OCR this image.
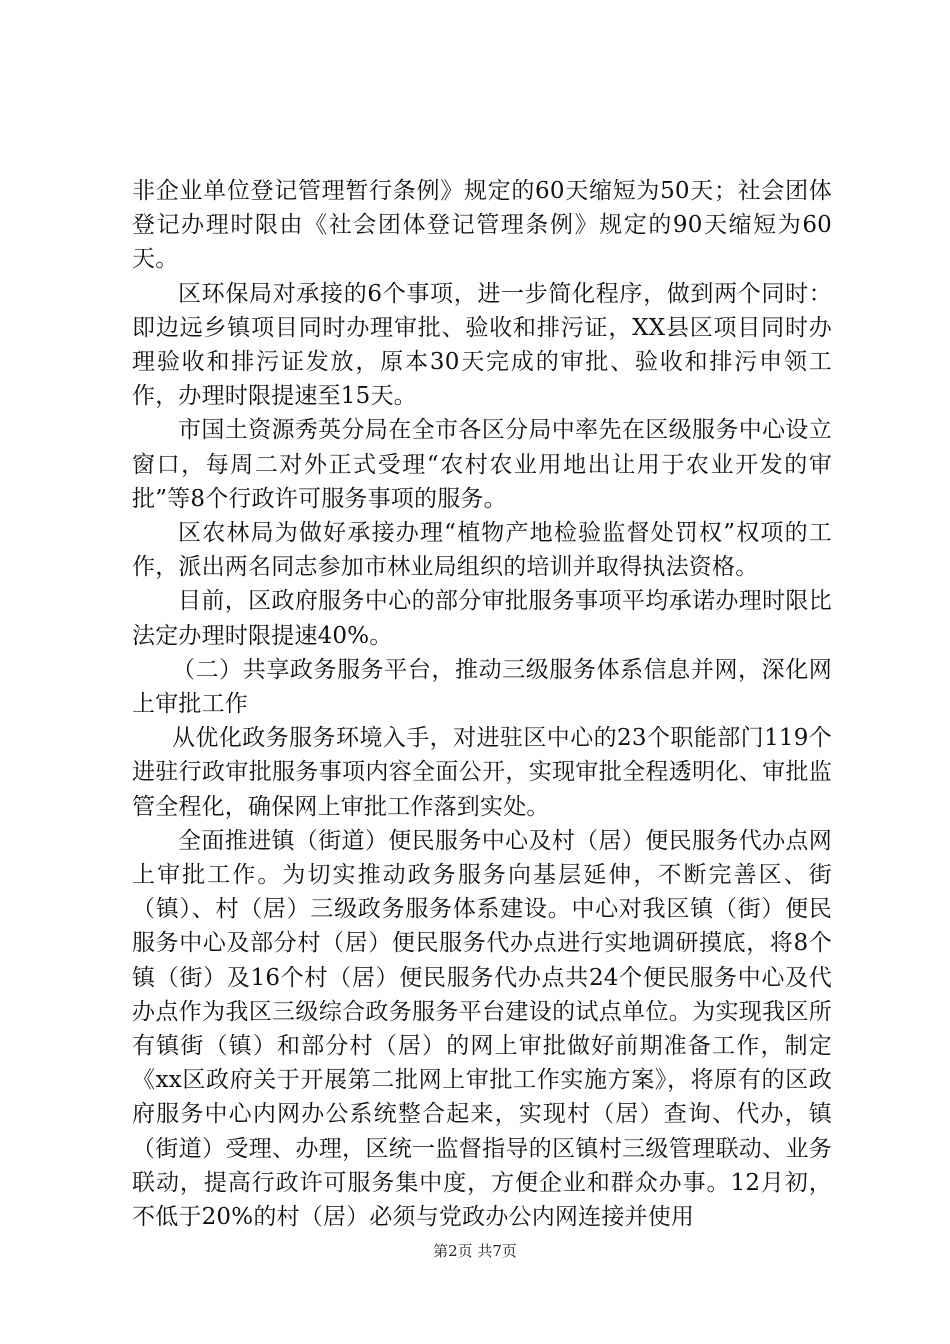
非企业单位登记管理暂行条例》规定的60天缩短为50天；社会团体登记办理时限由《社会团体登记管理条例》规定的90天缩短为60天。

区环保局对承接的6个事项，进一步简化程序，做到两个同时：即边远乡镇项目同时办理审批、验收和排污证，XX县区项目同时办理验收和排污证发放，原本30天完成的审批、验收和排污申领工作，办理时限提速至15天。

市国土资源秀英分局在全市各区分局中率先在区级服务中心设立窗口，每周二对外正式受理“农村农业用地出让用于农业开发的审批”等8个行政许可服务事项的服务。

区农林局为做好承接办理“植物产地检验监督处罚权”权项的工作，派出两名同志参加市林业局组织的培训并取得执法资格。

目前，区政府服务中心的部分审批服务事项平均承诺办理时限比法定办理时限提速40%。

（二）共享政务服务平台，推动三级服务体系信息并网，深化网上审批工作

从优化政务服务环境入手，对进驻区中心的23个职能部门119个进驻行政审批服务事项内容全面公开，实现审批全程透明化、审批监管全程化，确保网上审批工作落到实处。

全面推进镇（街道）便民服务中心及村（居）便民服务代办点网上审批工作。为切实推动政务服务向基层延伸，不断完善区、街（镇）、村（居）三级政务服务体系建设。中心对我区镇（街）便民服务中心及部分村（居）便民服务代办点进行实地调研摸底，将8个镇（街）及16个村（居）便民服务代办点共24个便民服务中心及代办点作为我区三级综合政务服务平台建设的试点单位。为实现我区所有镇街（镇）和部分村（居）的网上审批做好前期准备工作，制定《xx区政府关于开展第二批网上审批工作实施方案》，将原有的区政府服务中心内网办公系统整合起来，实现村（居）查询、代办，镇（街道）受理、办理，区统一监督指导的区镇村三级管理联动、业务联动，提高行政许可服务集中度，方便企业和群众办事。12月初，不低于20%的村（居）必须与党政办公内网连接并使用

第2页 共7页
